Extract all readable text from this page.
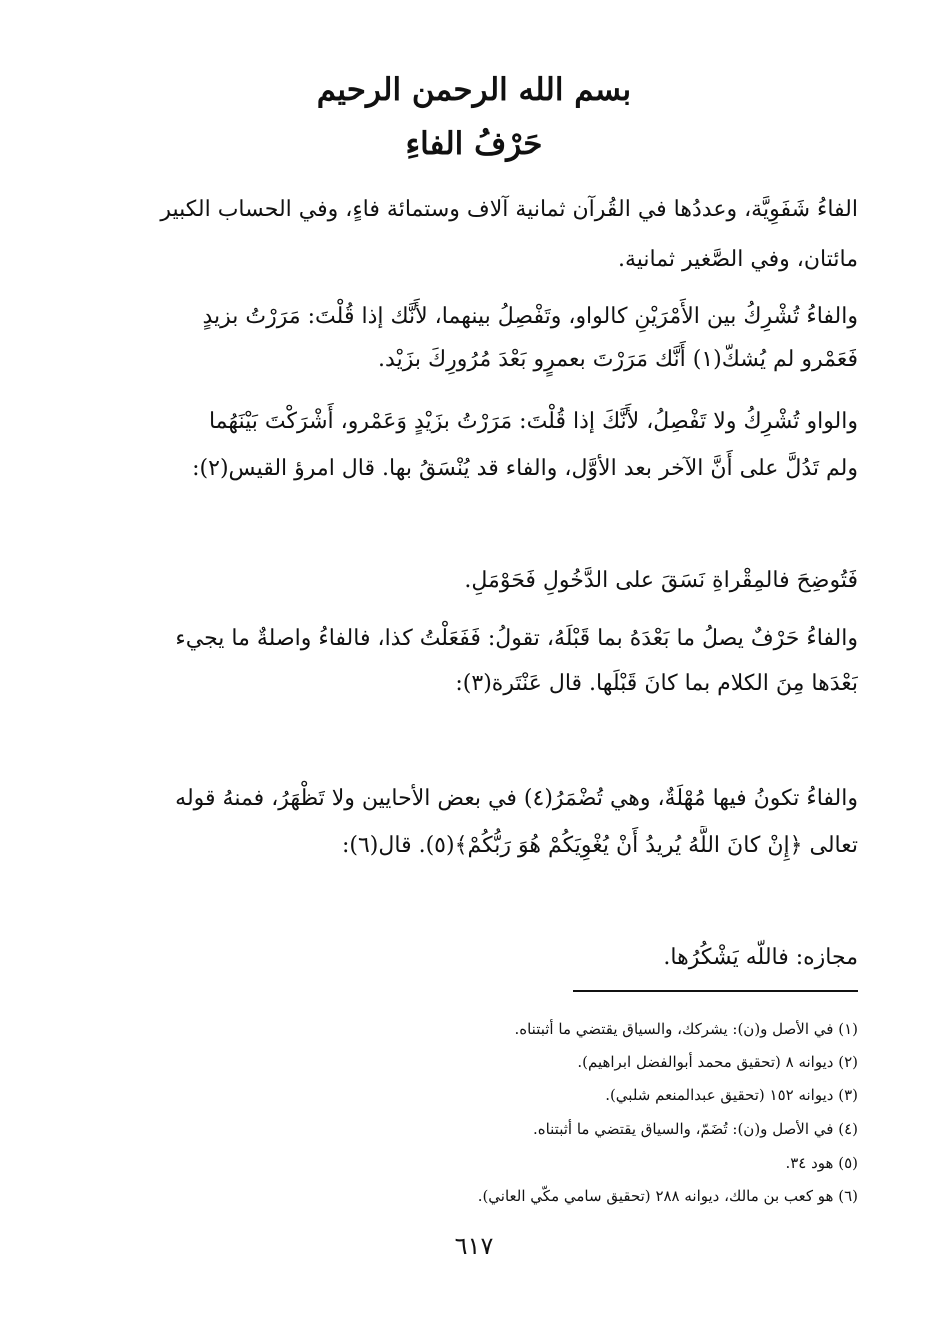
بسم الله الرحمن الرحيم
حَرْفُ الفاءِ
الفاءُ شَفَوِيَّة، وعددُها في القُرآن ثمانية آلاف وستمائة فاءٍ، وفي الحساب الكبير
مائتان، وفي الصَّغير ثمانية.
والفاءُ تُشْرِكُ بين الأَمْرَيْنِ كالواو، وتَفْصِلُ بينهما، لأَنَّك إذا قُلْتَ: مَرَرْتُ بزيدٍ
فَعَمْرو لم يُشكّ(١) أَنَّك مَرَرْتَ بعمرٍو بَعْدَ مُرُورِكَ بزَيْد.
والواو تُشْرِكُ ولا تَفْصِلُ، لأَنَّكَ إذا قُلْتَ: مَرَرْتُ بزَيْدٍ وَعَمْرو، أَشْرَكْتَ بَيْنَهُما
ولم تَدُلَّ على أَنَّ الآخر بعد الأوَّل، والفاء قد يُنْسَقُ بها. قال امرؤ القيس(٢):
فَتُوضِحَ فالمِقْراةِ نَسَقَ على الدَّخُولِ فَحَوْمَلِ.
والفاءُ حَرْفٌ يصلُ ما بَعْدَهُ بما قَبْلَهُ، تقولُ: فَفَعَلْتُ كذا، فالفاءُ واصلةٌ ما يجيء
بَعْدَها مِنَ الكلام بما كانَ قَبْلَها. قال عَنْتَرة(٣):
والفاءُ تكونُ فيها مُهْلَةٌ، وهي تُضْمَرُ(٤) في بعض الأحايين ولا تَظْهَرُ، فمنهُ قوله
تعالى ﴿إِنْ كانَ اللَّهُ يُريدُ أَنْ يُغْوِيَكُمْ هُوَ رَبُّكُمْ﴾(٥). قال(٦):
مجازه: فاللّه يَشْكُرُها.
(١) في الأصل و(ن): يشركك، والسياق يقتضي ما أثبتناه.
(٢) ديوانه ٨ (تحقيق محمد أبوالفضل ابراهيم).
(٣) ديوانه ١٥٢ (تحقيق عبدالمنعم شلبي).
(٤) في الأصل و(ن): تُضَمّ، والسياق يقتضي ما أثبتناه.
(٥) هود ٣٤.
(٦) هو كعب بن مالك، ديوانه ٢٨٨ (تحقيق سامي مكّي العاني).
٦١٧
